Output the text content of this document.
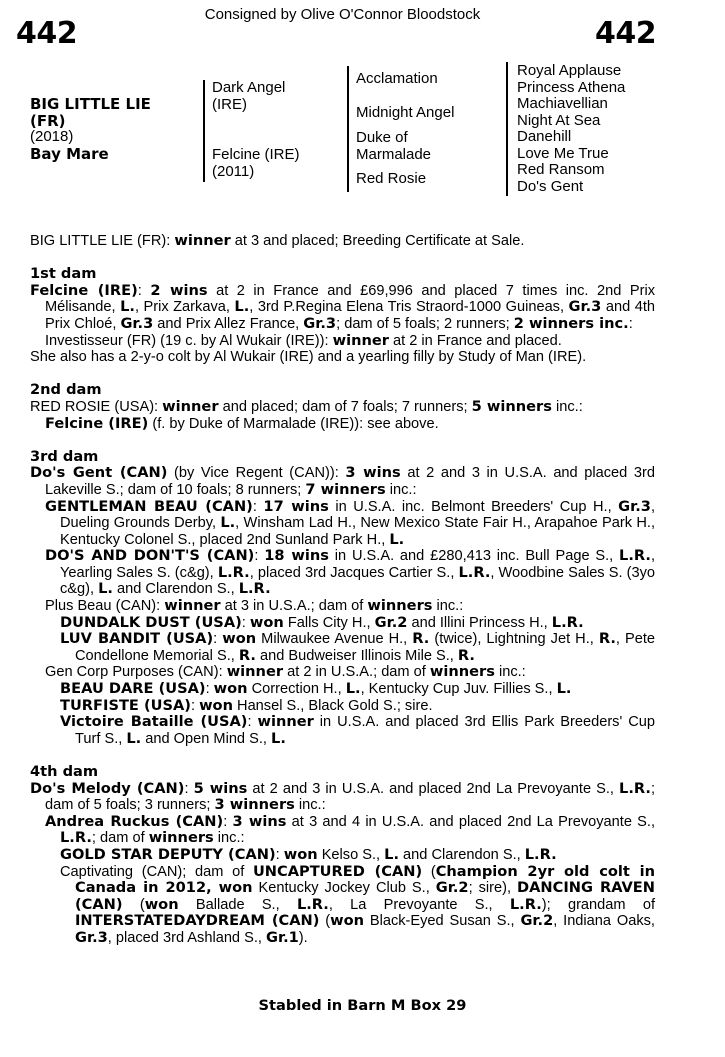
442	442
Consigned by Olive O'Connor Bloodstock
BIG LITTLE LIE
(FR)
(2018)
Bay Mare
Dark Angel
(IRE)
Felcine (IRE)
(2011)
Acclamation
Midnight Angel
Duke of
Marmalade
Red Rosie
Royal Applause
Princess Athena
Machiavellian
Night At Sea
Danehill
Love Me True
Red Ransom
Do's Gent

BIG LITTLE LIE (FR): winner at 3 and placed; Breeding Certificate at Sale.

1st dam

Felcine (IRE): 2 wins at 2 in France and £69,996 and placed 7 times inc. 2nd Prix Mélisande, L., Prix Zarkava, L., 3rd P.Regina Elena Tris Straord-1000 Guineas, Gr.3 and 4th Prix Chloé, Gr.3 and Prix Allez France, Gr.3; dam of 5 foals; 2 runners; 2 winners inc.:

Investisseur (FR) (19 c. by Al Wukair (IRE)): winner at 2 in France and placed.

She also has a 2-y-o colt by Al Wukair (IRE) and a yearling filly by Study of Man (IRE).

2nd dam

RED ROSIE (USA): winner and placed; dam of 7 foals; 7 runners; 5 winners inc.:

Felcine (IRE) (f. by Duke of Marmalade (IRE)): see above.

3rd dam

Do's Gent (CAN) (by Vice Regent (CAN)): 3 wins at 2 and 3 in U.S.A. and placed 3rd Lakeville S.; dam of 10 foals; 8 runners; 7 winners inc.:

GENTLEMAN BEAU (CAN): 17 wins in U.S.A. inc. Belmont Breeders' Cup H., Gr.3, Dueling Grounds Derby, L., Winsham Lad H., New Mexico State Fair H., Arapahoe Park H., Kentucky Colonel S., placed 2nd Sunland Park H., L.

DO'S AND DON'T'S (CAN): 18 wins in U.S.A. and £280,413 inc. Bull Page S., L.R., Yearling Sales S. (c&g), L.R., placed 3rd Jacques Cartier S., L.R., Woodbine Sales S. (3yo c&g), L. and Clarendon S., L.R.

Plus Beau (CAN): winner at 3 in U.S.A.; dam of winners inc.:

DUNDALK DUST (USA): won Falls City H., Gr.2 and Illini Princess H., L.R.

LUV BANDIT (USA): won Milwaukee Avenue H., R. (twice), Lightning Jet H., R., Pete Condellone Memorial S., R. and Budweiser Illinois Mile S., R.

Gen Corp Purposes (CAN): winner at 2 in U.S.A.; dam of winners inc.:

BEAU DARE (USA): won Correction H., L., Kentucky Cup Juv. Fillies S., L.

TURFISTE (USA): won Hansel S., Black Gold S.; sire.

Victoire Bataille (USA): winner in U.S.A. and placed 3rd Ellis Park Breeders' Cup Turf S., L. and Open Mind S., L.

4th dam

Do's Melody (CAN): 5 wins at 2 and 3 in U.S.A. and placed 2nd La Prevoyante S., L.R.; dam of 5 foals; 3 runners; 3 winners inc.:

Andrea Ruckus (CAN): 3 wins at 3 and 4 in U.S.A. and placed 2nd La Prevoyante S., L.R.; dam of winners inc.:

GOLD STAR DEPUTY (CAN): won Kelso S., L. and Clarendon S., L.R.

Captivating (CAN); dam of UNCAPTURED (CAN) (Champion 2yr old colt in Canada in 2012, won Kentucky Jockey Club S., Gr.2; sire), DANCING RAVEN (CAN) (won Ballade S., L.R., La Prevoyante S., L.R.); grandam of INTERSTATEDAYDREAM (CAN) (won Black-Eyed Susan S., Gr.2, Indiana Oaks, Gr.3, placed 3rd Ashland S., Gr.1).

Stabled in Barn M Box 29
